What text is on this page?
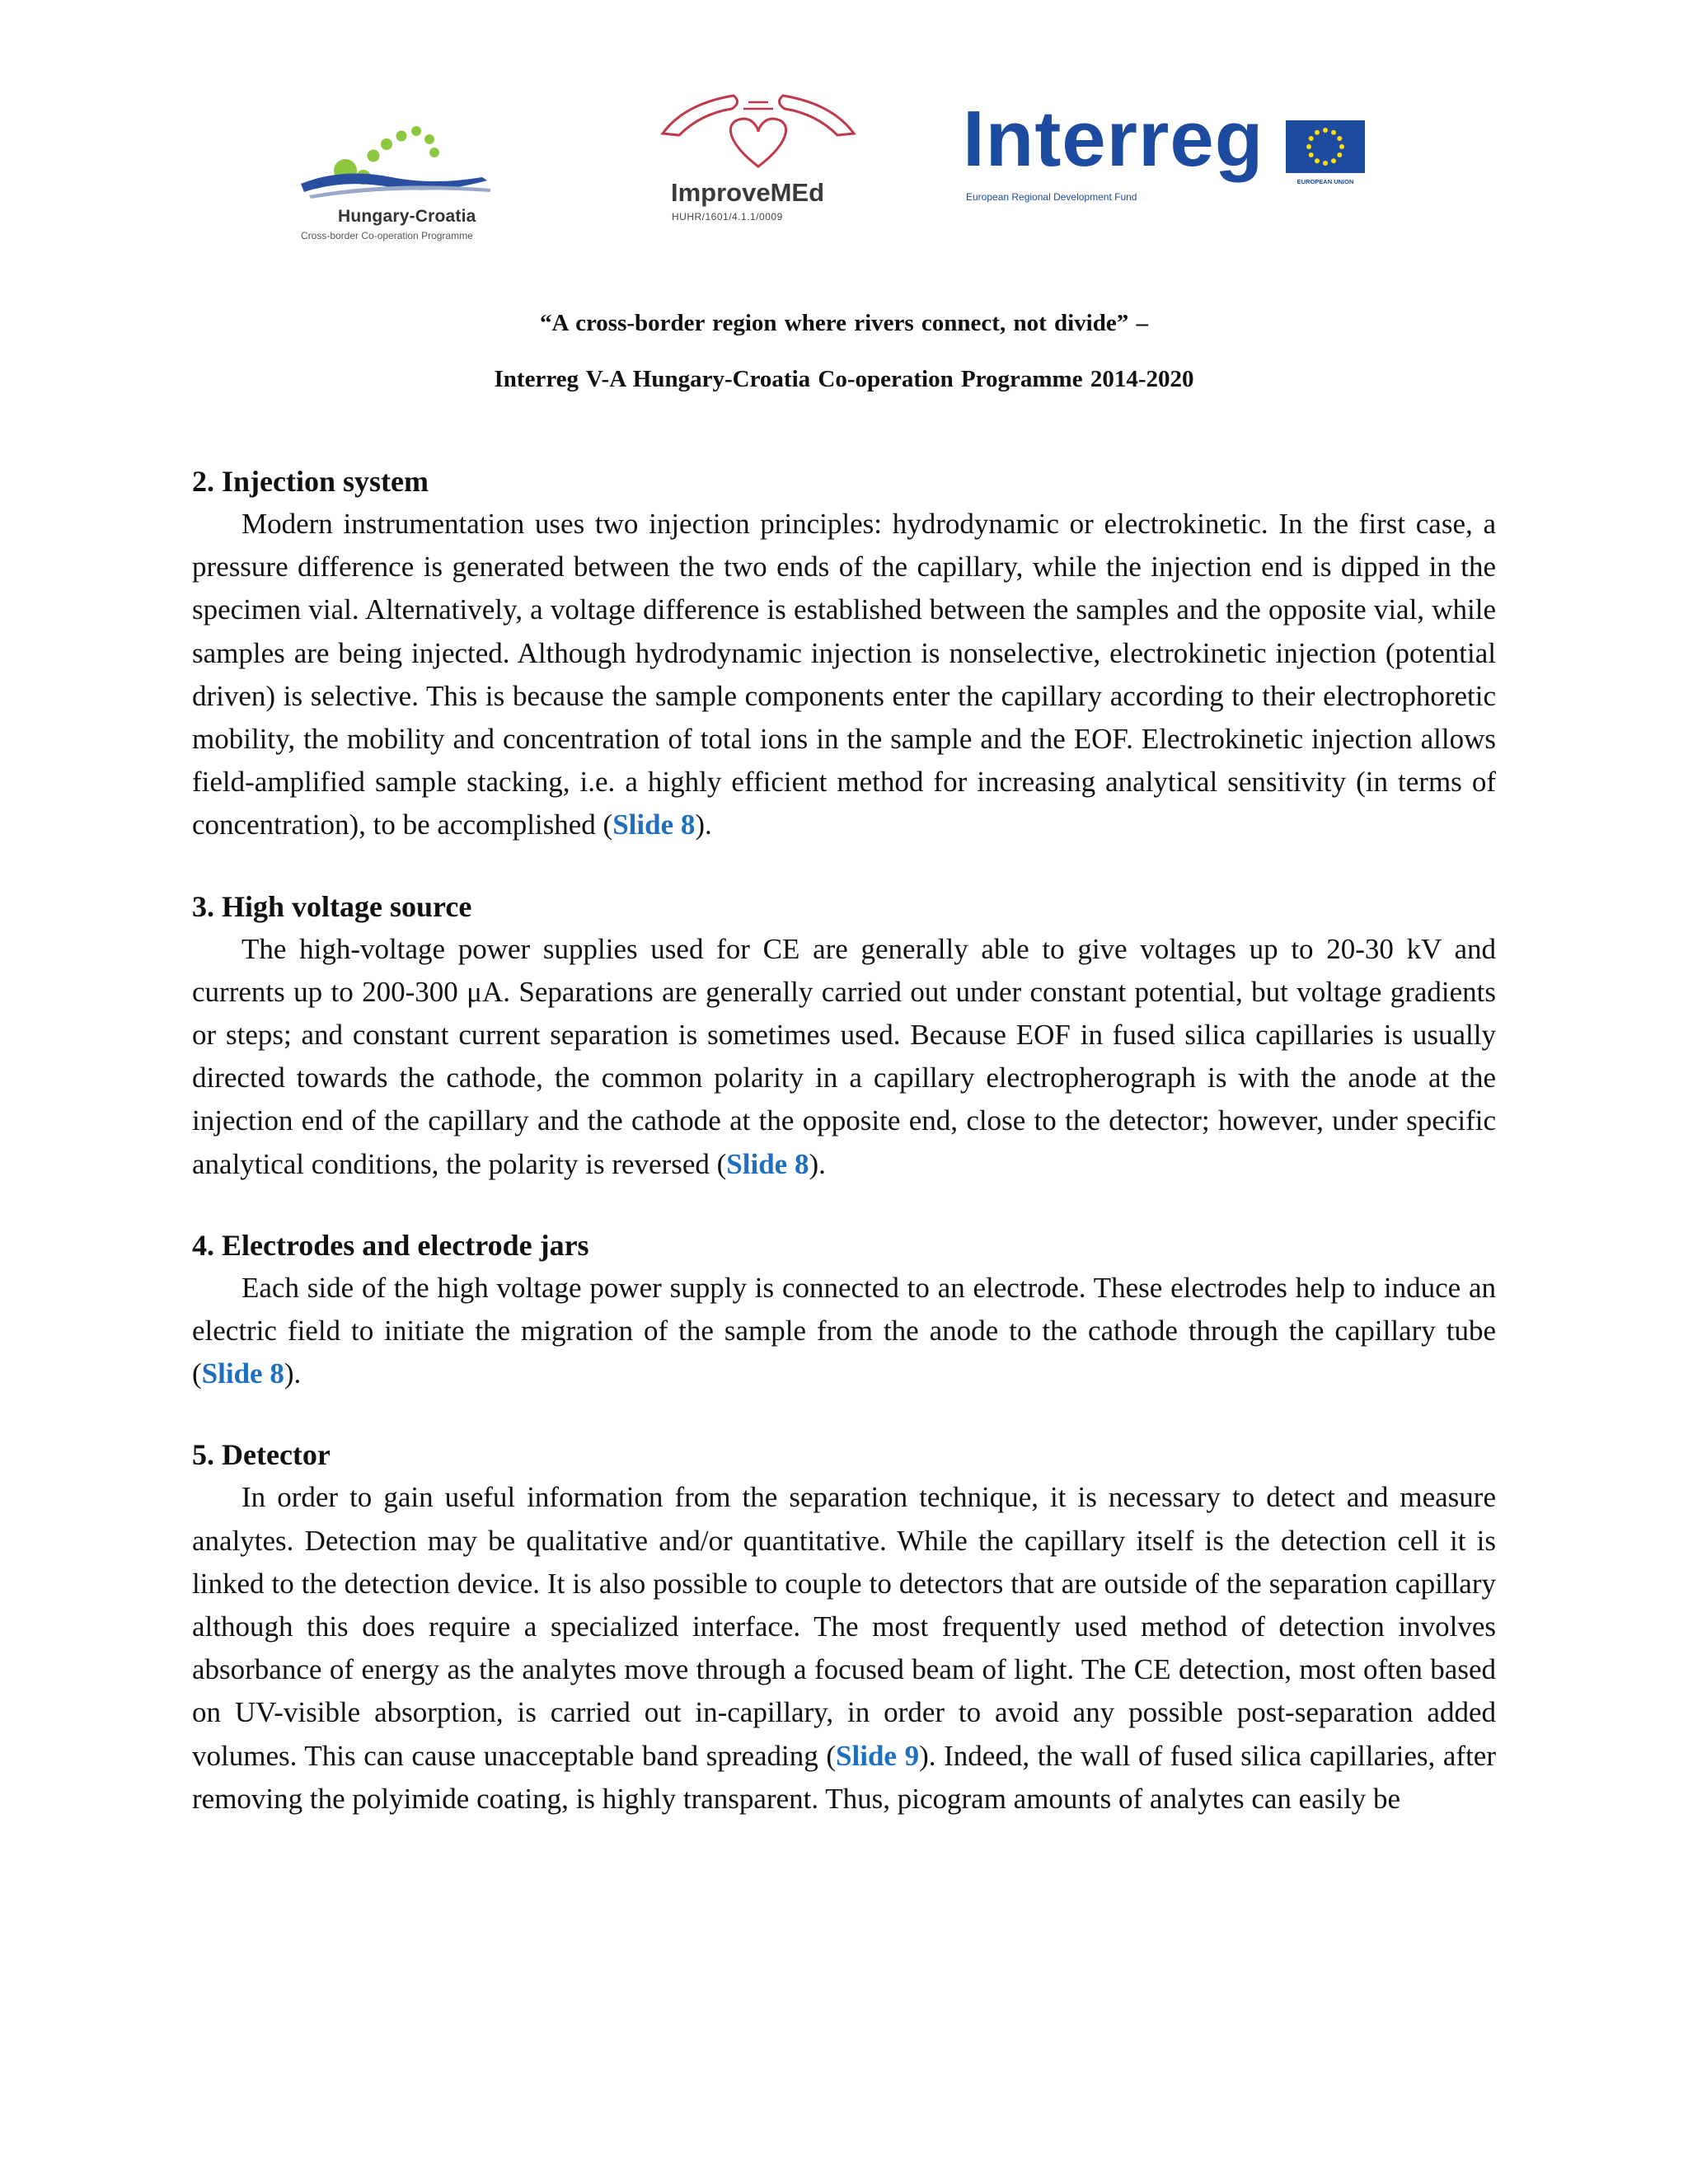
Hungary-Croatia
Cross-border Co-operation Programme
ImproveMEd
HUHR/1601/4.1.1/0009
Interreg
European Regional Development Fund
EUROPEAN UNION
“A cross-border region where rivers connect, not divide” –
Interreg V-A Hungary-Croatia Co-operation Programme 2014-2020
2. Injection system

Modern instrumentation uses two injection principles: hydrodynamic or electrokinetic. In the first case, a pressure difference is generated between the two ends of the capillary, while the injection end is dipped in the specimen vial. Alternatively, a voltage difference is established between the samples and the opposite vial, while samples are being injected. Although hydrodynamic injection is nonselective, electrokinetic injection (potential driven) is selective. This is because the sample components enter the capillary according to their electrophoretic mobility, the mobility and concentration of total ions in the sample and the EOF. Electrokinetic injection allows field-amplified sample stacking, i.e. a highly efficient method for increasing analytical sensitivity (in terms of concentration), to be accomplished (Slide 8).

3. High voltage source

The high-voltage power supplies used for CE are generally able to give voltages up to 20-30 kV and currents up to 200-300 μA. Separations are generally carried out under constant potential, but voltage gradients or steps; and constant current separation is sometimes used. Because EOF in fused silica capillaries is usually directed towards the cathode, the common polarity in a capillary electropherograph is with the anode at the injection end of the capillary and the cathode at the opposite end, close to the detector; however, under specific analytical conditions, the polarity is reversed (Slide 8).

4. Electrodes and electrode jars

Each side of the high voltage power supply is connected to an electrode. These electrodes help to induce an electric field to initiate the migration of the sample from the anode to the cathode through the capillary tube (Slide 8).

5. Detector

In order to gain useful information from the separation technique, it is necessary to detect and measure analytes. Detection may be qualitative and/or quantitative. While the capillary itself is the detection cell it is linked to the detection device. It is also possible to couple to detectors that are outside of the separation capillary although this does require a specialized interface. The most frequently used method of detection involves absorbance of energy as the analytes move through a focused beam of light. The CE detection, most often based on UV-visible absorption, is carried out in-capillary, in order to avoid any possible post-separation added volumes. This can cause unacceptable band spreading (Slide 9). Indeed, the wall of fused silica capillaries, after removing the polyimide coating, is highly transparent. Thus, picogram amounts of analytes can easily be
